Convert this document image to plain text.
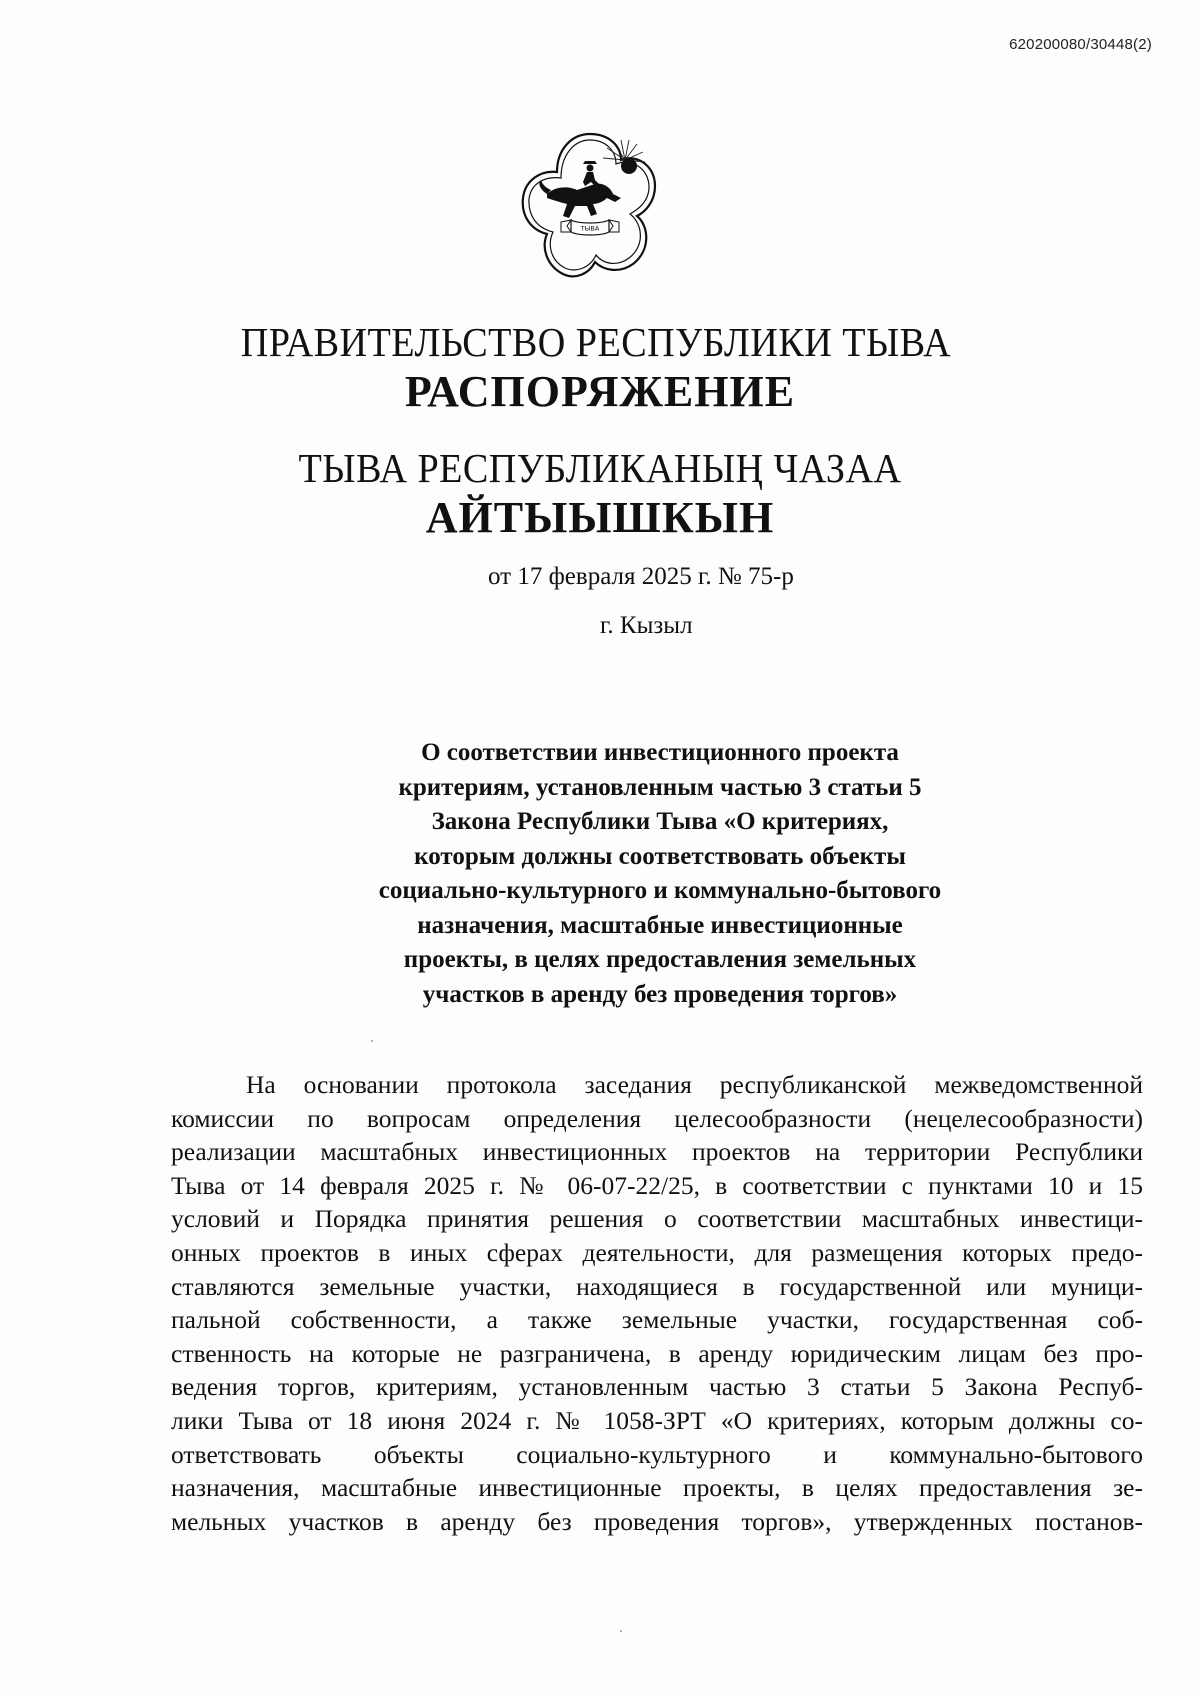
620200080/30448(2)
ТЫВА
ПРАВИТЕЛЬСТВО РЕСПУБЛИКИ ТЫВА
РАСПОРЯЖЕНИЕ
ТЫВА РЕСПУБЛИКАНЫҢ ЧАЗАА
АЙТЫЫШКЫН
от 17 февраля 2025 г. № 75-р
г. Кызыл
О соответствии инвестиционного проекта
критериям, установленным частью 3 статьи 5
Закона Республики Тыва «О критериях,
которым должны соответствовать объекты
социально-культурного и коммунально-бытового
назначения, масштабные инвестиционные
проекты, в целях предоставления земельных
участков в аренду без проведения торгов»
На основании протокола заседания республиканской межведомственной
комиссии по вопросам определения целесообразности (нецелесообразности)
реализации масштабных инвестиционных проектов на территории Республики
Тыва от 14 февраля 2025 г. № 06-07-22/25, в соответствии с пунктами 10 и 15
условий и Порядка принятия решения о соответствии масштабных инвестици-
онных проектов в иных сферах деятельности, для размещения которых предо-
ставляются земельные участки, находящиеся в государственной или муници-
пальной собственности, а также земельные участки, государственная соб-
ственность на которые не разграничена, в аренду юридическим лицам без про-
ведения торгов, критериям, установленным частью 3 статьи 5 Закона Респуб-
лики Тыва от 18 июня 2024 г. № 1058-ЗРТ «О критериях, которым должны со-
ответствовать объекты социально-культурного и коммунально-бытового
назначения, масштабные инвестиционные проекты, в целях предоставления зе-
мельных участков в аренду без проведения торгов», утвержденных постанов-
